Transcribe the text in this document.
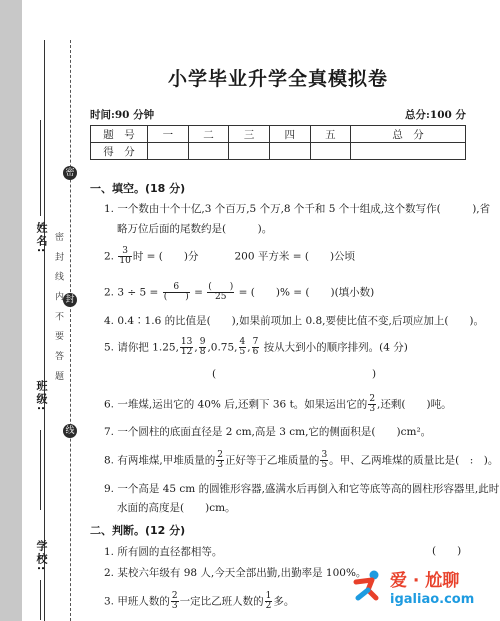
姓名:
班级:
学校:
密 封 线 内 不 要 答 题
密
封
线
小学毕业升学全真模拟卷
时间:90 分钟	总分:100 分
题　号	一	二	三	四	五	总　分
得　分						
一、填空。(18 分)
1. 一个数由十个十亿,3 个百万,5 个万,8 个千和 5 个十组成,这个数写作(　　　),省
略万位后面的尾数约是(　　　)。
2. $\frac{3}{10}$ 时 = (　　)分	200 平方米 = (　　)公顷
2. $3 \div 5 = \frac{6}{( )} = \frac{( )}{25}$ = (　　)% = (　　)(填小数)
4. 0.4∶1.6 的比值是(　　),如果前项加上 0.8,要使比值不变,后项应加上(　　)。
5. 请你把 1.25, $\frac{13}{12}$ , $\frac{9}{8} ,0.75$, $\frac{4}{5}$ , $\frac{7}{6}$ 按从大到小的顺序排列。(4 分)
(	)
6. 一堆煤,运出它的 40% 后,还剩下 36 t。如果运出它的 $\frac{2}{3}$ ,还剩(　　)吨。
7. 一个圆柱的底面直径是 2 cm,高是 3 cm,它的侧面积是(　　)cm²。
8. 有两堆煤,甲堆质量的 $\frac{2}{3}$ 正好等于乙堆质量的 $\frac{3}{5}$ 。甲、乙两堆煤的质量比是(　:　)。
9. 一个高是 45 cm 的圆锥形容器,盛满水后再倒入和它等底等高的圆柱形容器里,此时
水面的高度是(　　)cm。
二、判断。(12 分)
1. 所有圆的直径都相等。	(　　)
2. 某校六年级有 98 人,今天全部出勤,出勤率是 100%。
3. 甲班人数的 $\frac{2}{3}$ 一定比乙班人数的 $\frac{1}{2}$ 多。
爱 · 尬聊
igaliao.com
